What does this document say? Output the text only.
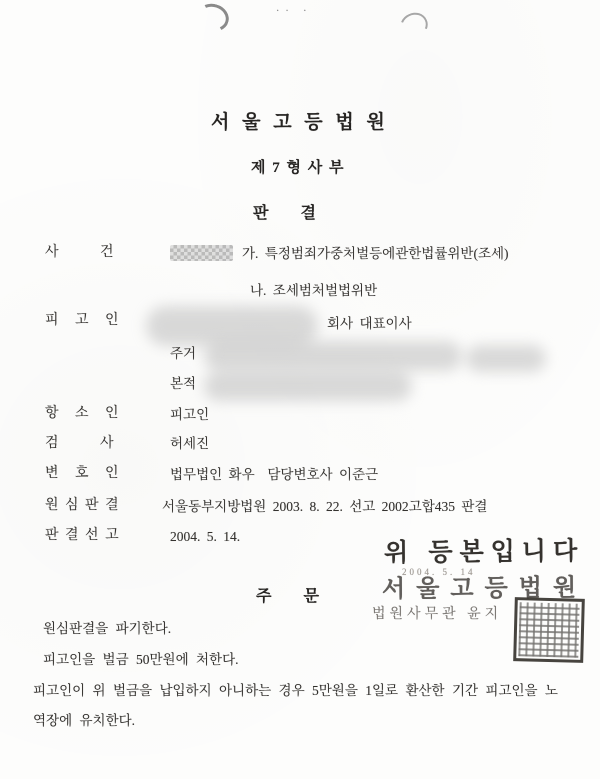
·· ·
서 울 고 등 법 원
제 7 형 사 부
판        결
사        건	가. 특정범죄가중처벌등에관한법률위반(조세)
나. 조세범처벌법위반
피   고   인	회사 대표이사
주거
본적
항   소   인	피고인
검        사	허세진
변   호   인	법무법인 화우  담당변호사 이준근
원 심 판 결	서울동부지방법원 2003. 8. 22. 선고 2002고합435 판결
판 결 선 고	2004. 5. 14.
위 등본입니다
2004. 5. 14
서울고등법원
법원사무관 윤지
주        문
원심판결을 파기한다.
피고인을 벌금 50만원에 처한다.
피고인이 위 벌금을 납입하지 아니하는 경우 5만원을 1일로 환산한 기간 피고인을 노
역장에 유치한다.
